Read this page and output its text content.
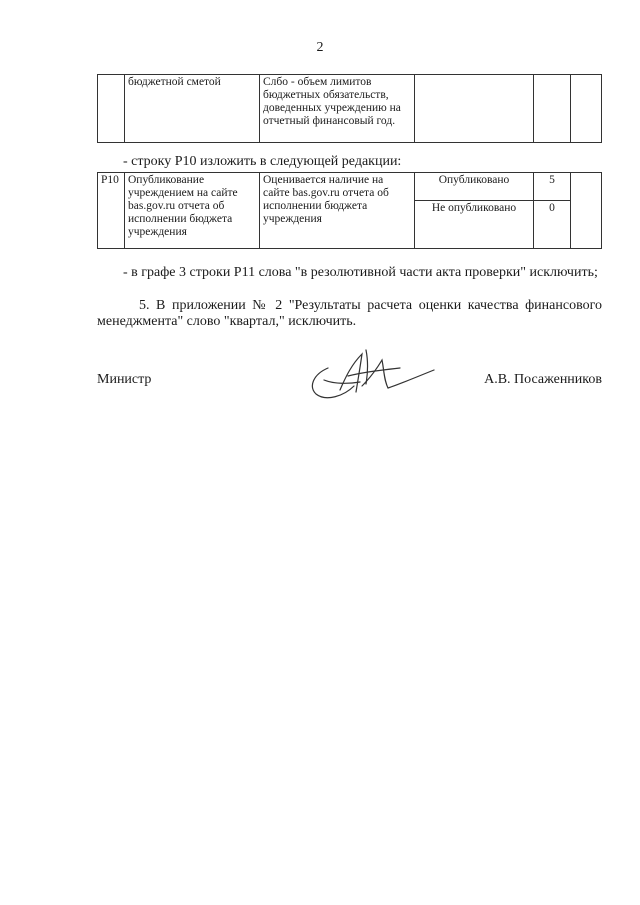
2
	бюджетной сметой	Слбо - объем лимитов бюджетных обязательств, доведенных учреждению на отчетный финансовый год.			

- строку Р10 изложить в следующей редакции:

Р10	Опубликование учреждением на сайте bas.gov.ru отчета об исполнении бюджета учреждения	Оценивается наличие на сайте bas.gov.ru отчета об исполнении бюджета учреждения	Опубликовано	5	
			Не опубликовано	0	

- в графе 3 строки Р11 слова "в резолютивной части акта проверки" исключить;

5. В приложении № 2 "Результаты расчета оценки качества финансового менеджмента" слово "квартал," исключить.

Министр	А.В. Посаженников
